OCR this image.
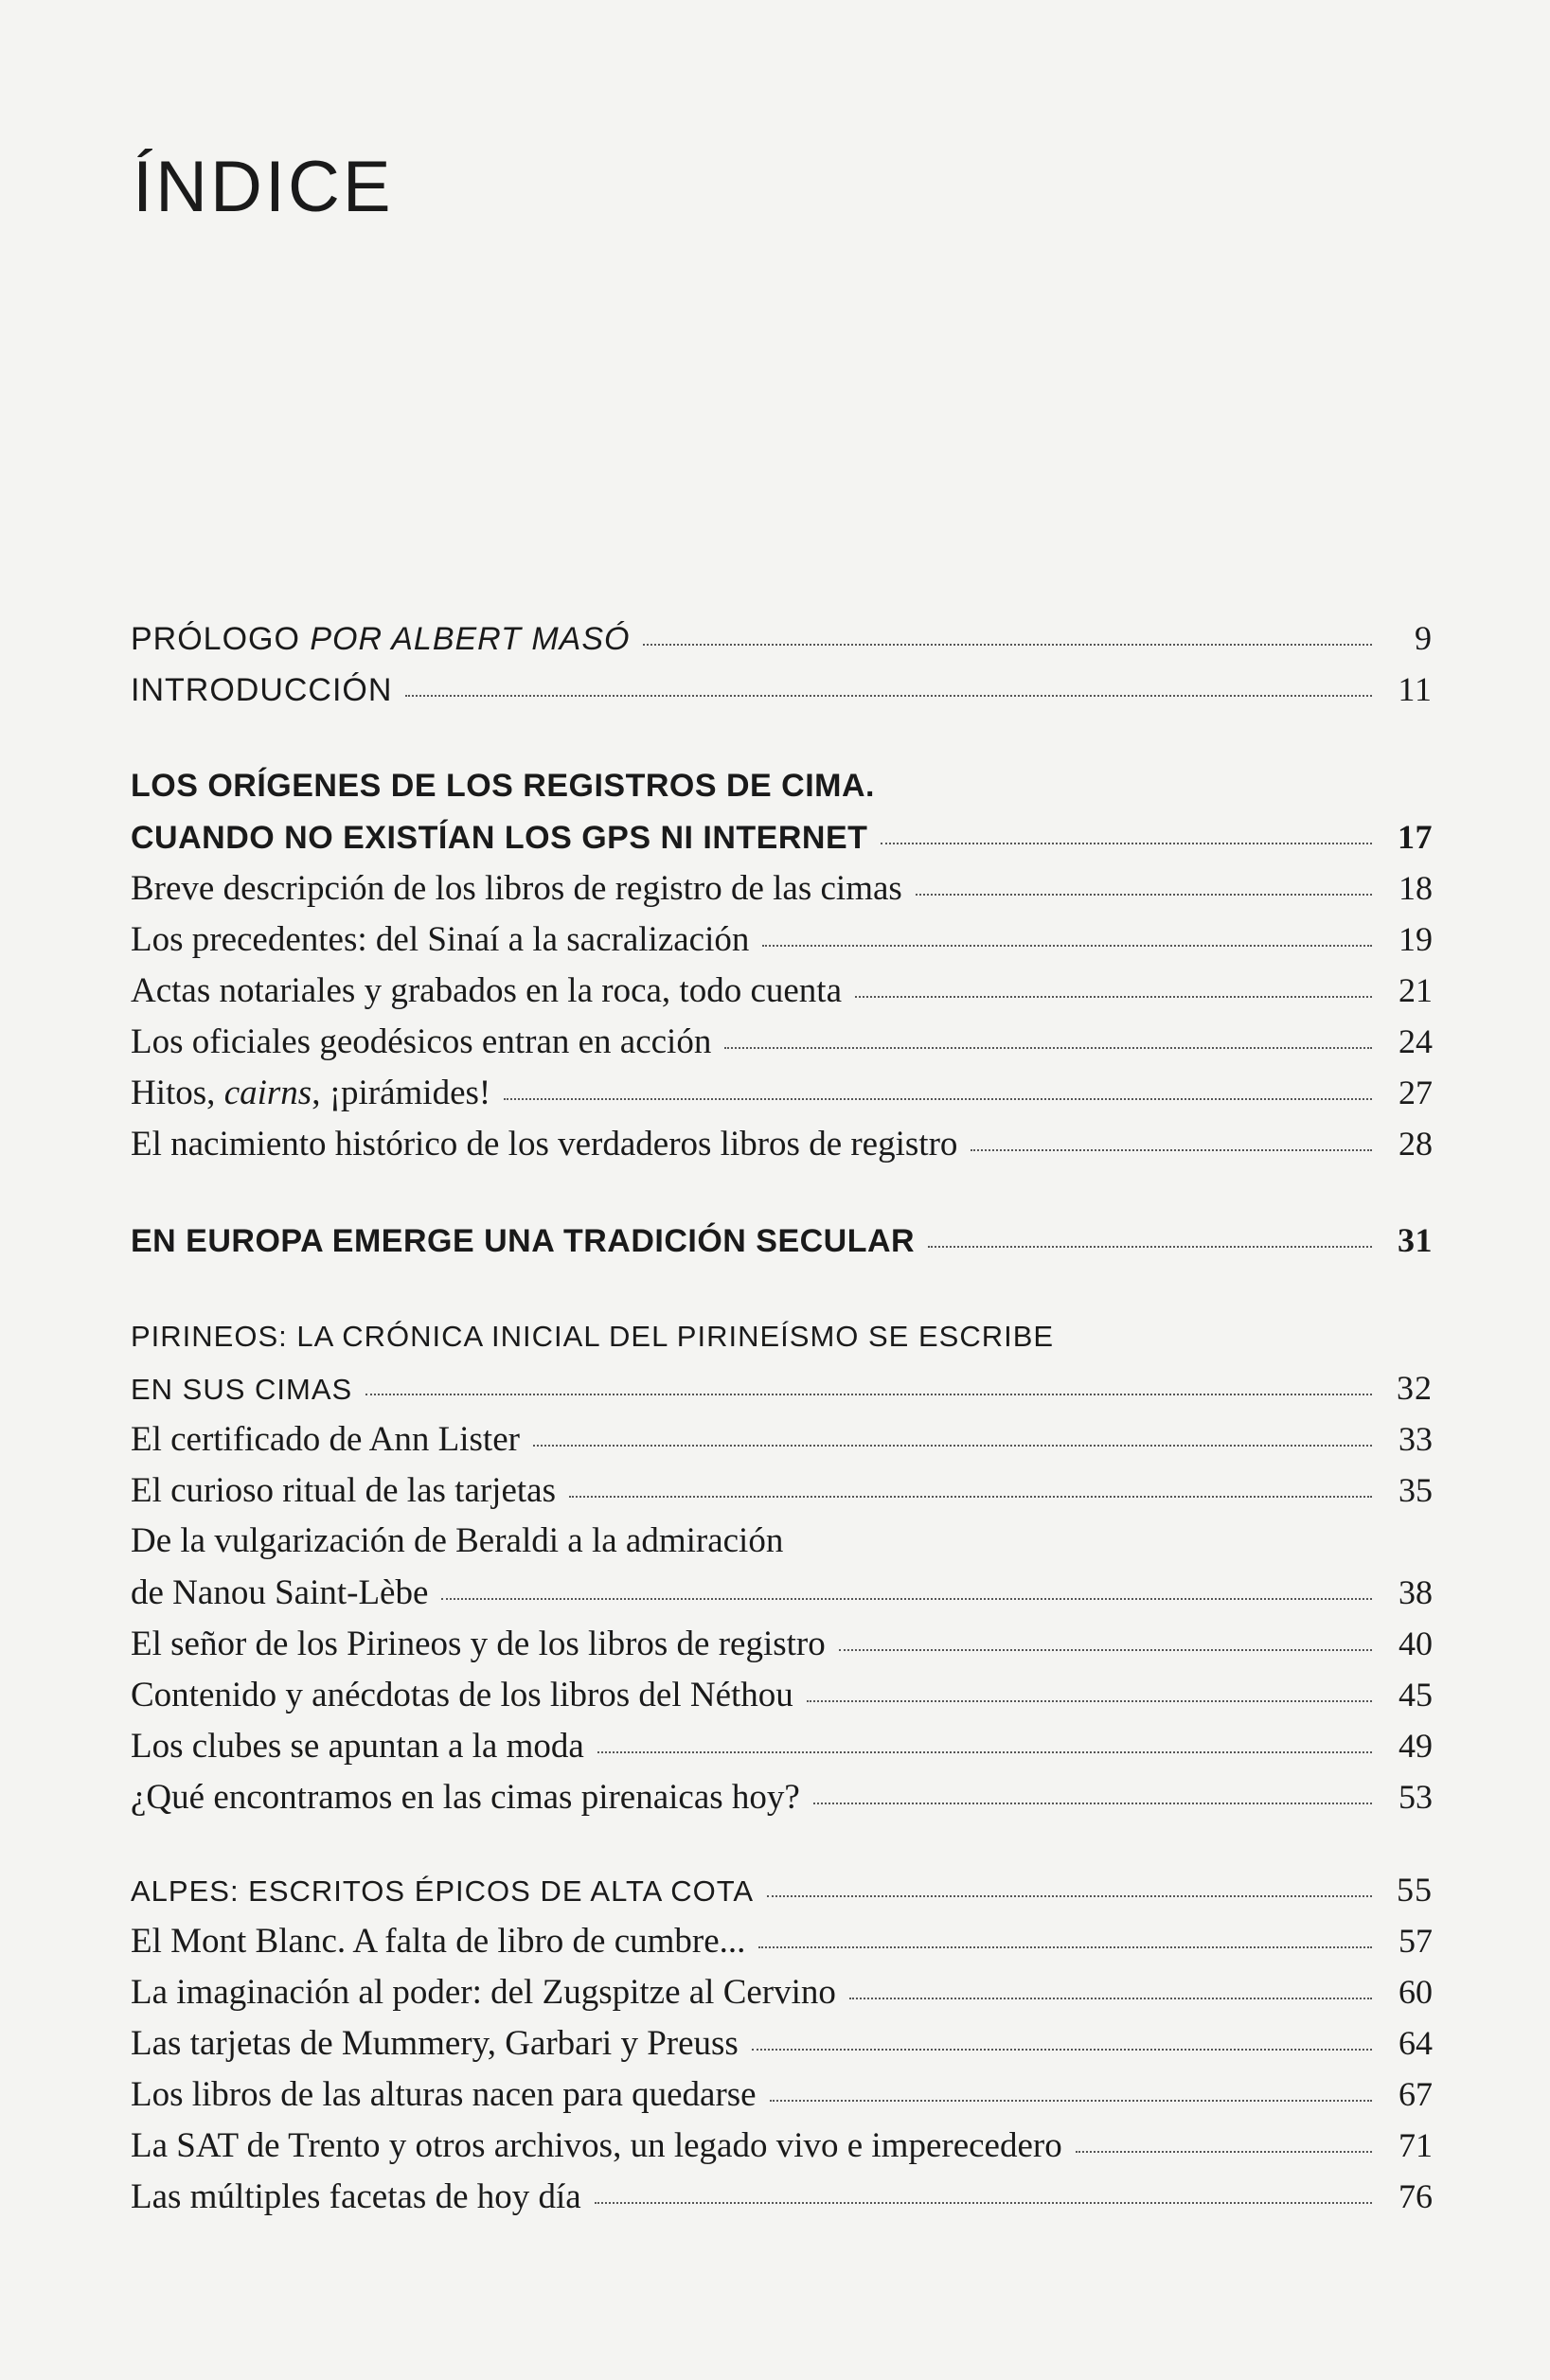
ÍNDICE
PRÓLOGO POR ALBERT MASÓ	9
INTRODUCCIÓN	11
LOS ORÍGENES DE LOS REGISTROS DE CIMA.
CUANDO NO EXISTÍAN LOS GPS NI INTERNET	17
Breve descripción de los libros de registro de las cimas	18
Los precedentes: del Sinaí a la sacralización	19
Actas notariales y grabados en la roca, todo cuenta	21
Los oficiales geodésicos entran en acción	24
Hitos, cairns, ¡pirámides!	27
El nacimiento histórico de los verdaderos libros de registro	28
EN EUROPA EMERGE UNA TRADICIÓN SECULAR	31
PIRINEOS: LA CRÓNICA INICIAL DEL PIRINEÍSMO SE ESCRIBE
EN SUS CIMAS	32
El certificado de Ann Lister	33
El curioso ritual de las tarjetas	35
De la vulgarización de Beraldi a la admiración
de Nanou Saint-Lèbe	38
El señor de los Pirineos y de los libros de registro	40
Contenido y anécdotas de los libros del Néthou	45
Los clubes se apuntan a la moda	49
¿Qué encontramos en las cimas pirenaicas hoy?	53
ALPES: ESCRITOS ÉPICOS DE ALTA COTA	55
El Mont Blanc. A falta de libro de cumbre...	57
La imaginación al poder: del Zugspitze al Cervino	60
Las tarjetas de Mummery, Garbari y Preuss	64
Los libros de las alturas nacen para quedarse	67
La SAT de Trento y otros archivos, un legado vivo e imperecedero	71
Las múltiples facetas de hoy día	76
